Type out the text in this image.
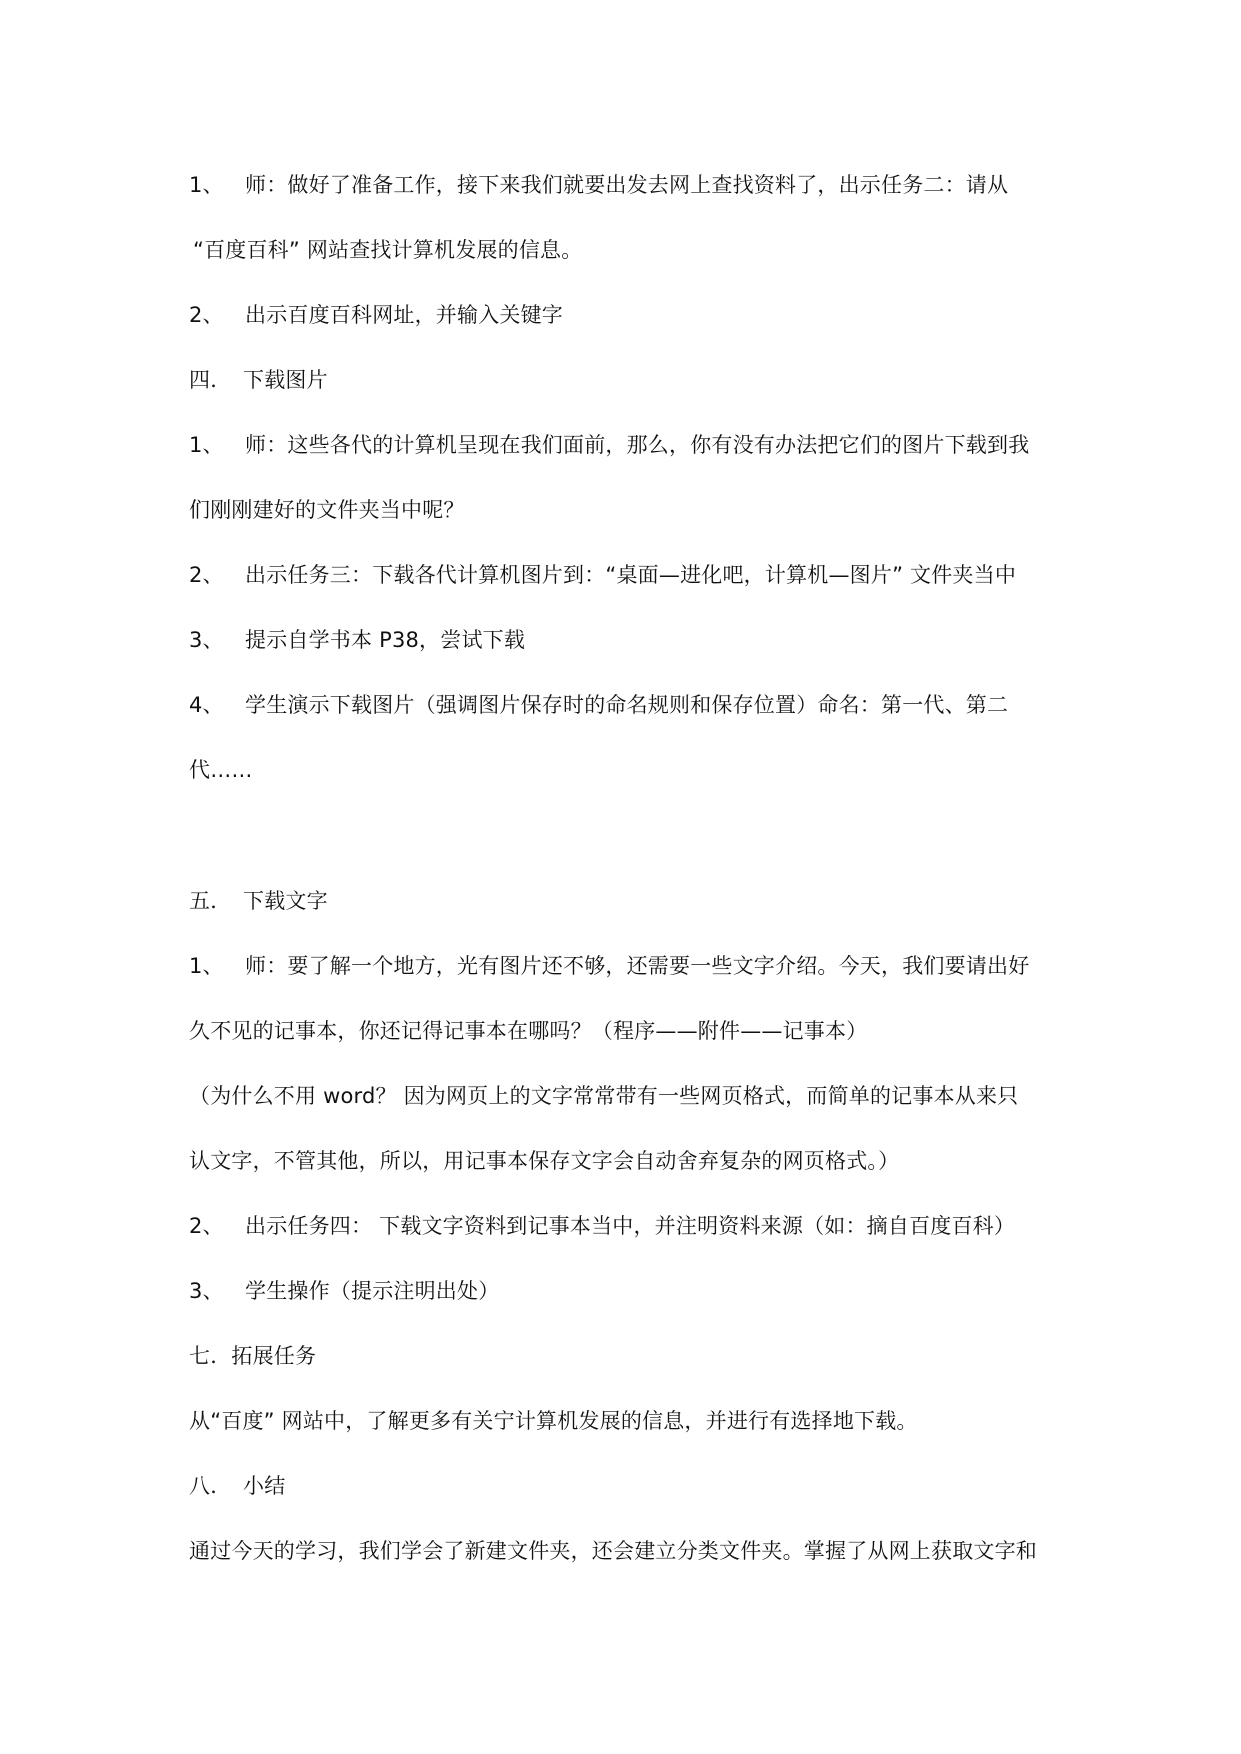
1、 师：做好了准备工作，接下来我们就要出发去网上查找资料了，出示任务二：请从
“百度百科” 网站查找计算机发展的信息。
2、 出示百度百科网址，并输入关键字
四． 下载图片
1、 师：这些各代的计算机呈现在我们面前，那么，你有没有办法把它们的图片下载到我
们刚刚建好的文件夹当中呢？
2、 出示任务三：下载各代计算机图片到：“桌面—进化吧，计算机—图片” 文件夹当中
3、 提示自学书本 P38，尝试下载
4、 学生演示下载图片（强调图片保存时的命名规则和保存位置）命名：第一代、第二
代……
五． 下载文字
1、 师：要了解一个地方，光有图片还不够，还需要一些文字介绍。今天，我们要请出好
久不见的记事本，你还记得记事本在哪吗？（程序——附件——记事本）
（为什么不用 word？ 因为网页上的文字常常带有一些网页格式，而简单的记事本从来只
认文字，不管其他，所以，用记事本保存文字会自动舍弃复杂的网页格式。）
2、 出示任务四： 下载文字资料到记事本当中，并注明资料来源（如：摘自百度百科）
3、 学生操作（提示注明出处）
七．拓展任务
从“百度” 网站中，了解更多有关宁计算机发展的信息，并进行有选择地下载。
八． 小结
通过今天的学习，我们学会了新建文件夹，还会建立分类文件夹。掌握了从网上获取文字和
